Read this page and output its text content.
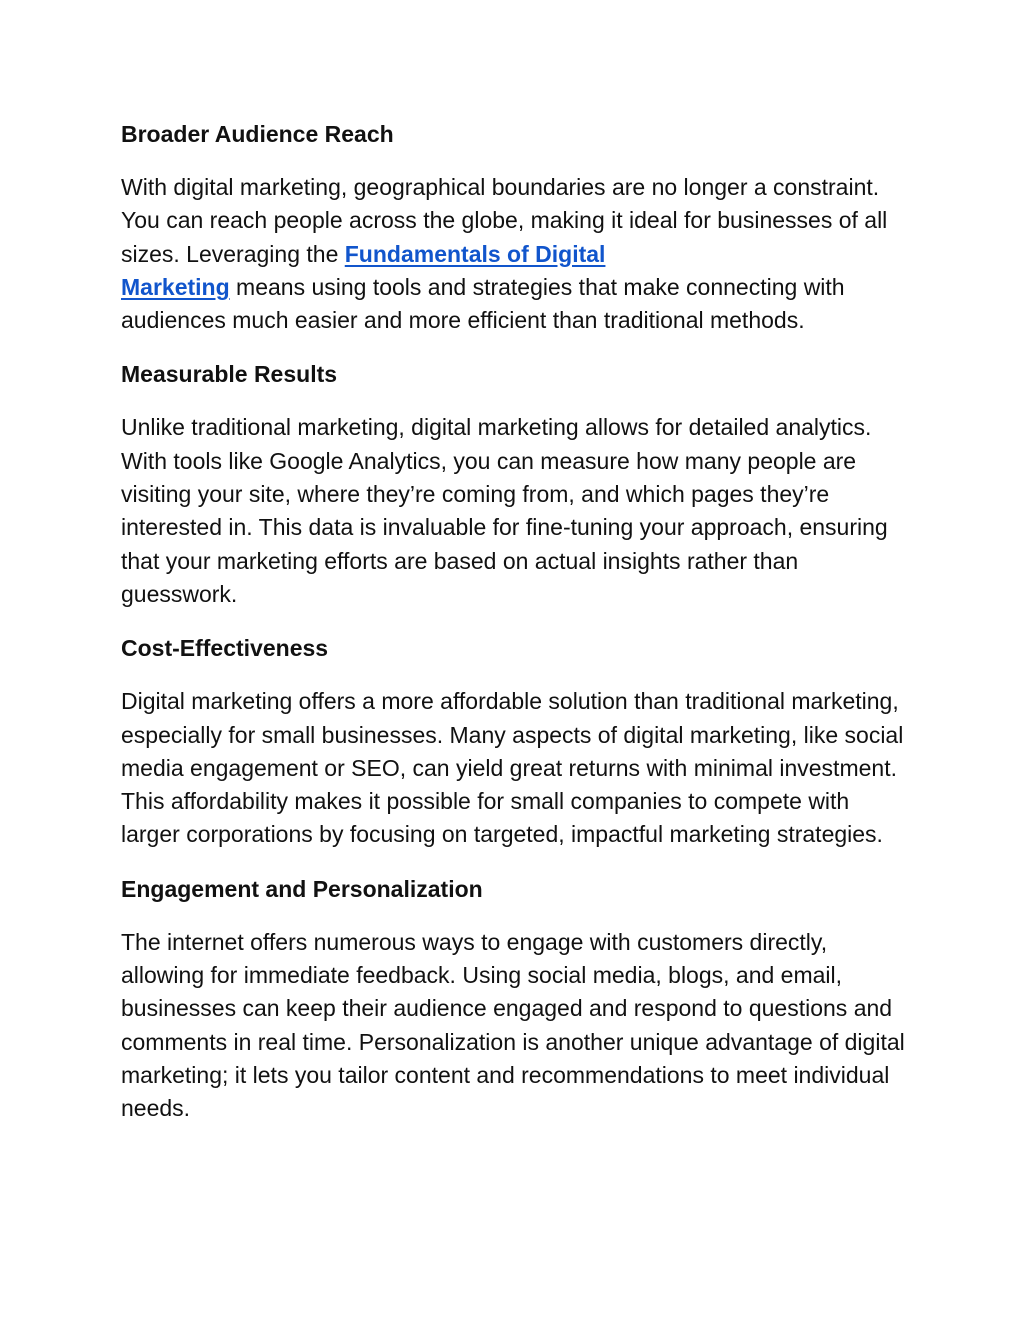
Broader Audience Reach

With digital marketing, geographical boundaries are no longer a constraint. You can reach people across the globe, making it ideal for businesses of all sizes. Leveraging the Fundamentals of Digital
Marketing means using tools and strategies that make connecting with audiences much easier and more efficient than traditional methods.

Measurable Results

Unlike traditional marketing, digital marketing allows for detailed analytics. With tools like Google Analytics, you can measure how many people are visiting your site, where they’re coming from, and which pages they’re interested in. This data is invaluable for fine-tuning your approach, ensuring that your marketing efforts are based on actual insights rather than guesswork.

Cost-Effectiveness

Digital marketing offers a more affordable solution than traditional marketing, especially for small businesses. Many aspects of digital marketing, like social media engagement or SEO, can yield great returns with minimal investment. This affordability makes it possible for small companies to compete with larger corporations by focusing on targeted, impactful marketing strategies.

Engagement and Personalization

The internet offers numerous ways to engage with customers directly, allowing for immediate feedback. Using social media, blogs, and email, businesses can keep their audience engaged and respond to questions and comments in real time. Personalization is another unique advantage of digital marketing; it lets you tailor content and recommendations to meet individual needs.
